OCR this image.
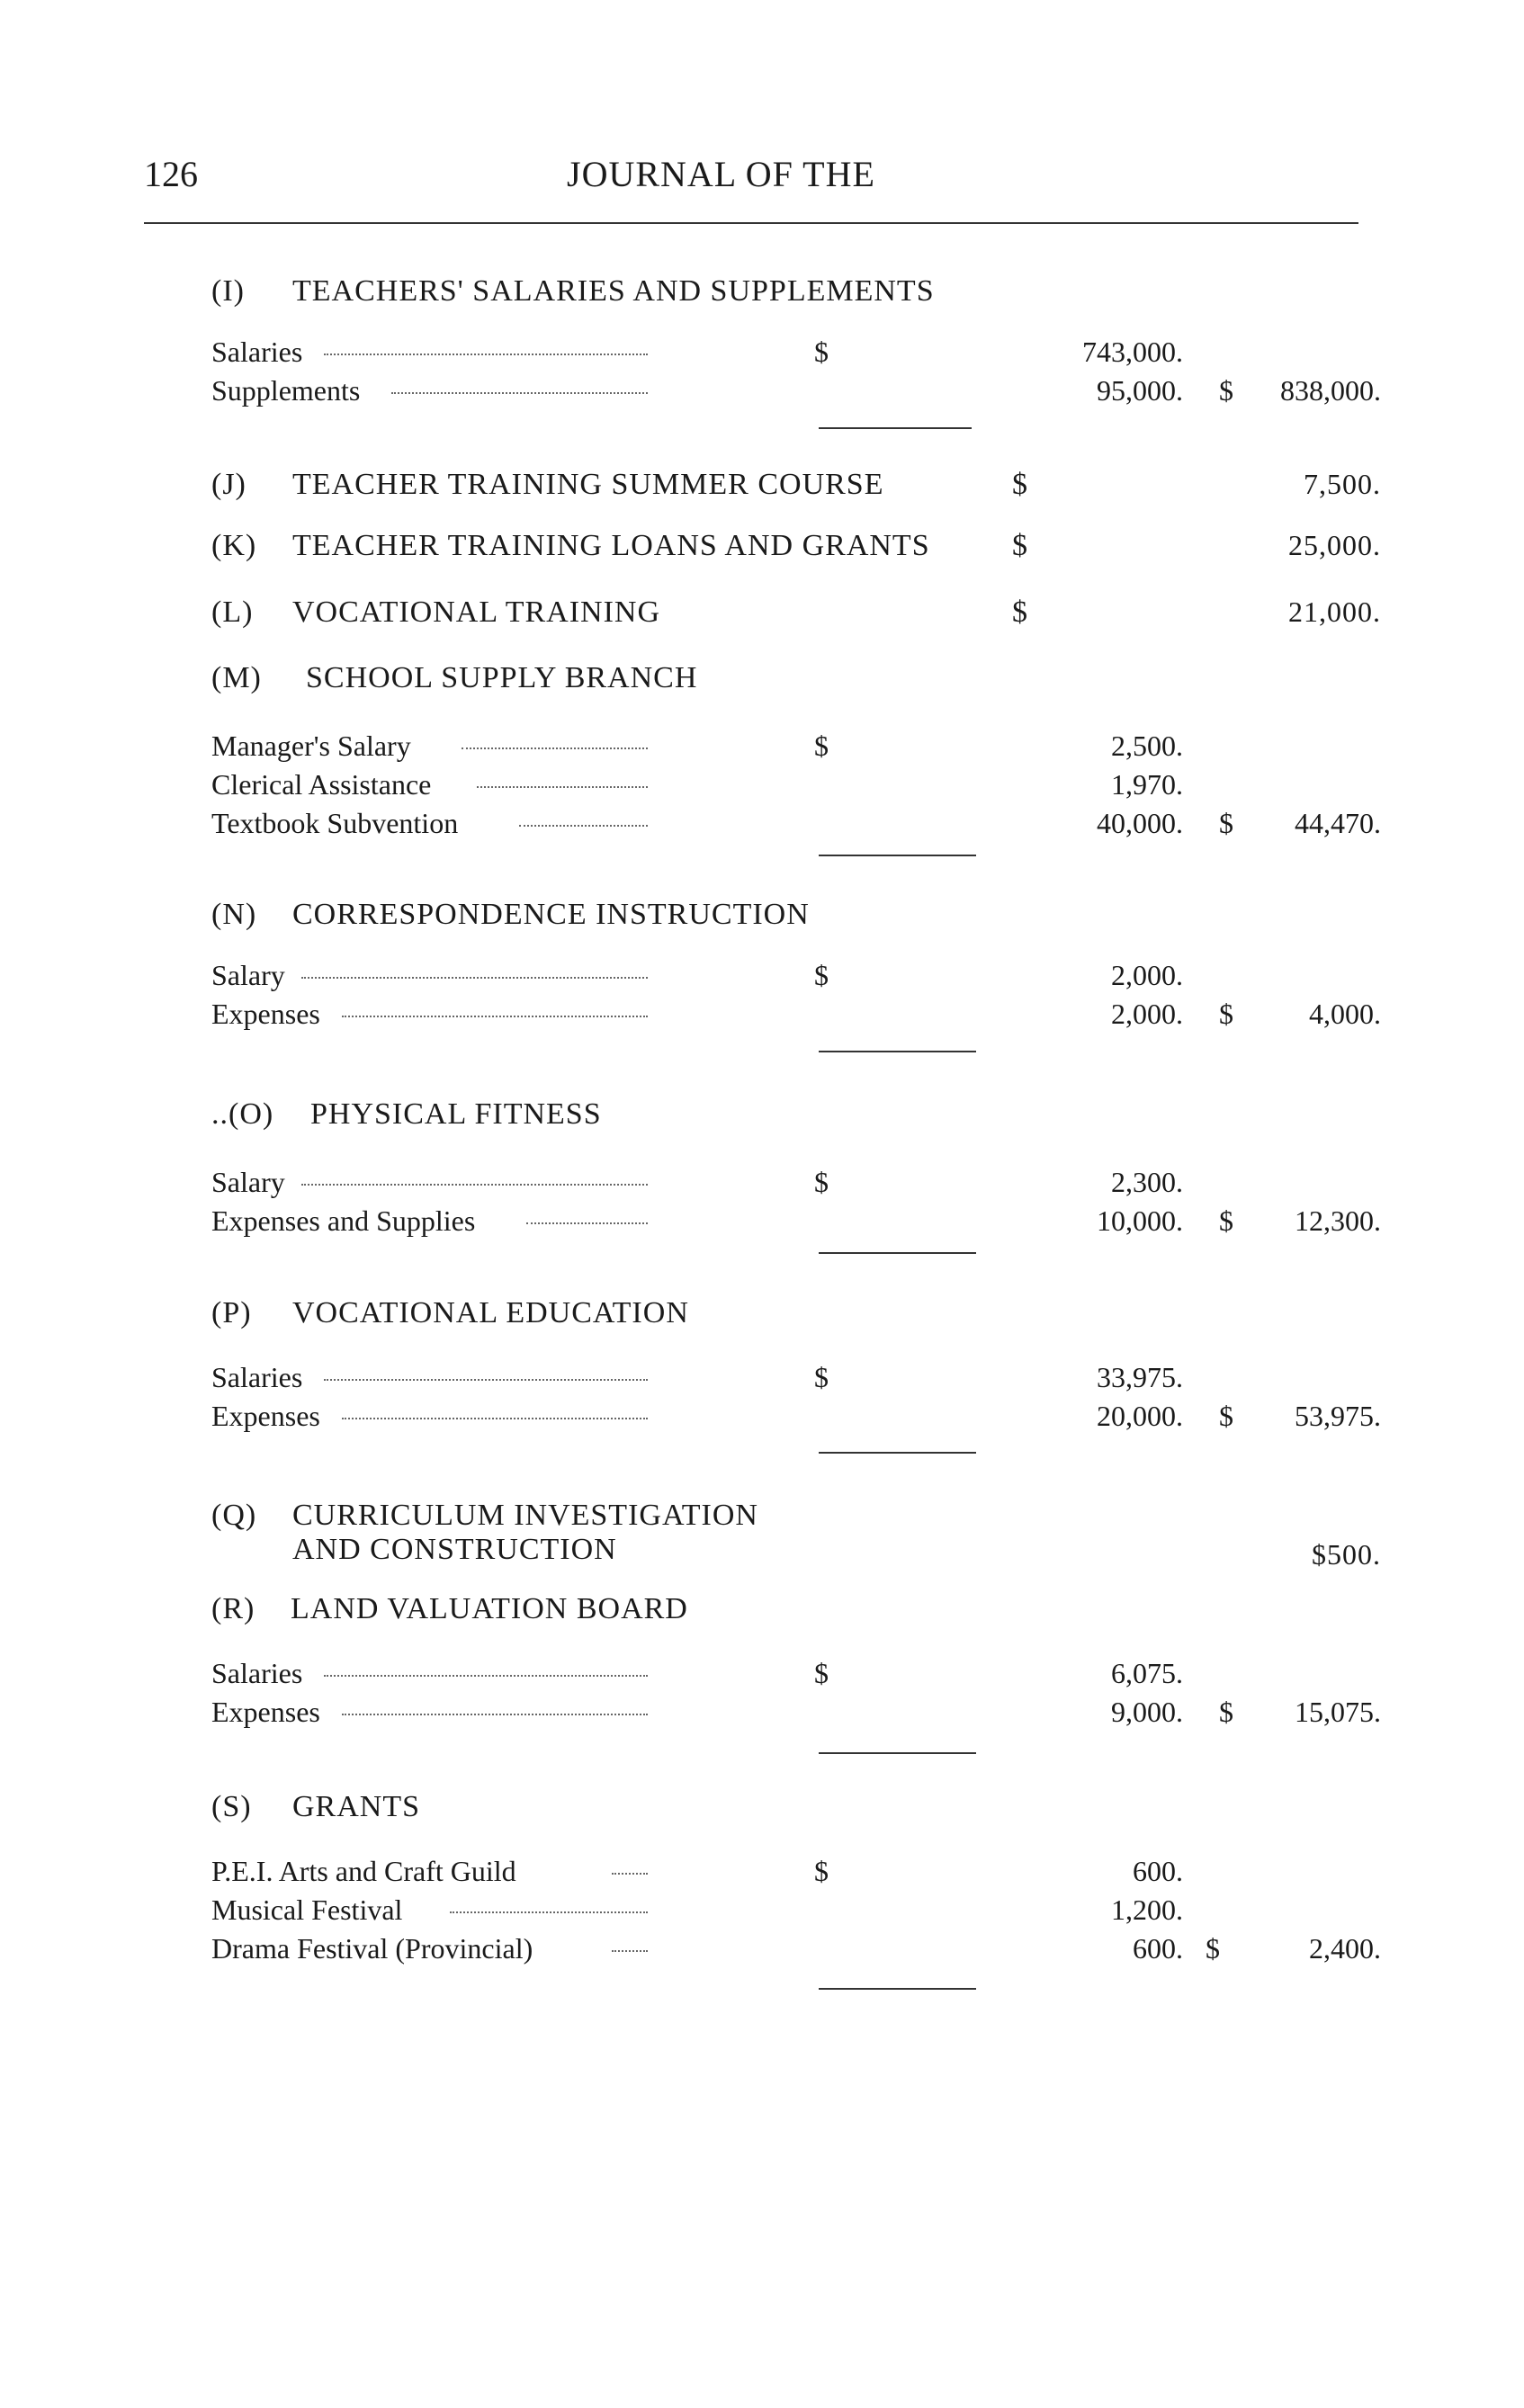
126	JOURNAL OF THE
(I) TEACHERS' SALARIES AND SUPPLEMENTS
Salaries	$	743,000.
Supplements	95,000. $	838,000.
(J) TEACHER TRAINING SUMMER COURSE	$	7,500.
(K) TEACHER TRAINING LOANS AND GRANTS	$	25,000.
(L) VOCATIONAL TRAINING	$	21,000.
(M) SCHOOL SUPPLY BRANCH
Manager's Salary	$	2,500.
Clerical Assistance	1,970.
Textbook Subvention	40,000. $	44,470.
(N) CORRESPONDENCE INSTRUCTION
Salary	$	2,000.
Expenses	2,000. $	4,000.
..(O) PHYSICAL FITNESS
Salary	$	2,300.
Expenses and Supplies	10,000. $	12,300.
(P) VOCATIONAL EDUCATION
Salaries	$	33,975.
Expenses	20,000. $	53,975.
(Q) CURRICULUM INVESTIGATION
AND CONSTRUCTION	$500.
(R) LAND VALUATION BOARD
Salaries	$	6,075.
Expenses	9,000. $	15,075.
(S) GRANTS
P.E.I. Arts and Craft Guild	$	600.
Musical Festival	1,200.
Drama Festival (Provincial)	600. $	2,400.
